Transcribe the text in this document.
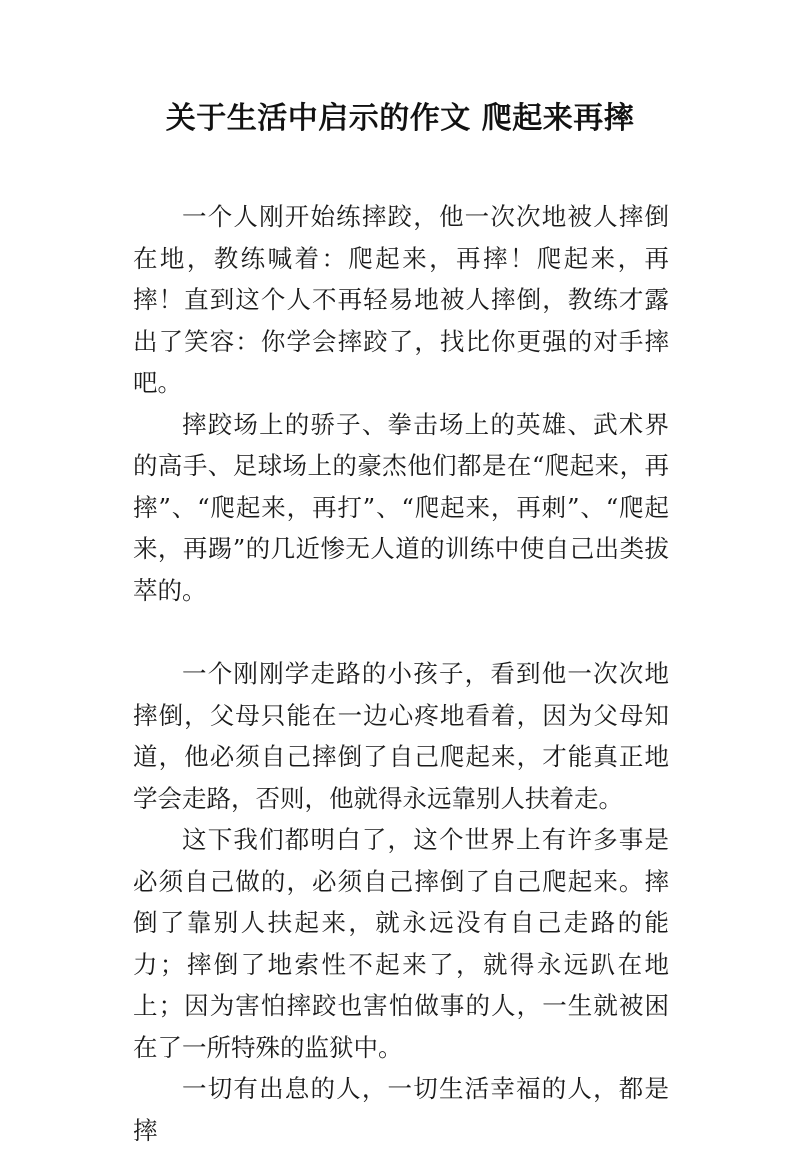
关于生活中启示的作文 爬起来再摔

一个人刚开始练摔跤，他一次次地被人摔倒在地，教练喊着：爬起来，再摔！爬起来，再摔！直到这个人不再轻易地被人摔倒，教练才露出了笑容：你学会摔跤了，找比你更强的对手摔吧。

摔跤场上的骄子、拳击场上的英雄、武术界的高手、足球场上的豪杰他们都是在“爬起来，再摔”、“爬起来，再打”、“爬起来，再刺”、“爬起来，再踢”的几近惨无人道的训练中使自己出类拔萃的。

一个刚刚学走路的小孩子，看到他一次次地摔倒，父母只能在一边心疼地看着，因为父母知道，他必须自己摔倒了自己爬起来，才能真正地学会走路，否则，他就得永远靠别人扶着走。

这下我们都明白了，这个世界上有许多事是必须自己做的，必须自己摔倒了自己爬起来。摔倒了靠别人扶起来，就永远没有自己走路的能力；摔倒了地索性不起来了，就得永远趴在地上；因为害怕摔跤也害怕做事的人，一生就被困在了一所特殊的监狱中。

一切有出息的人，一切生活幸福的人，都是摔
